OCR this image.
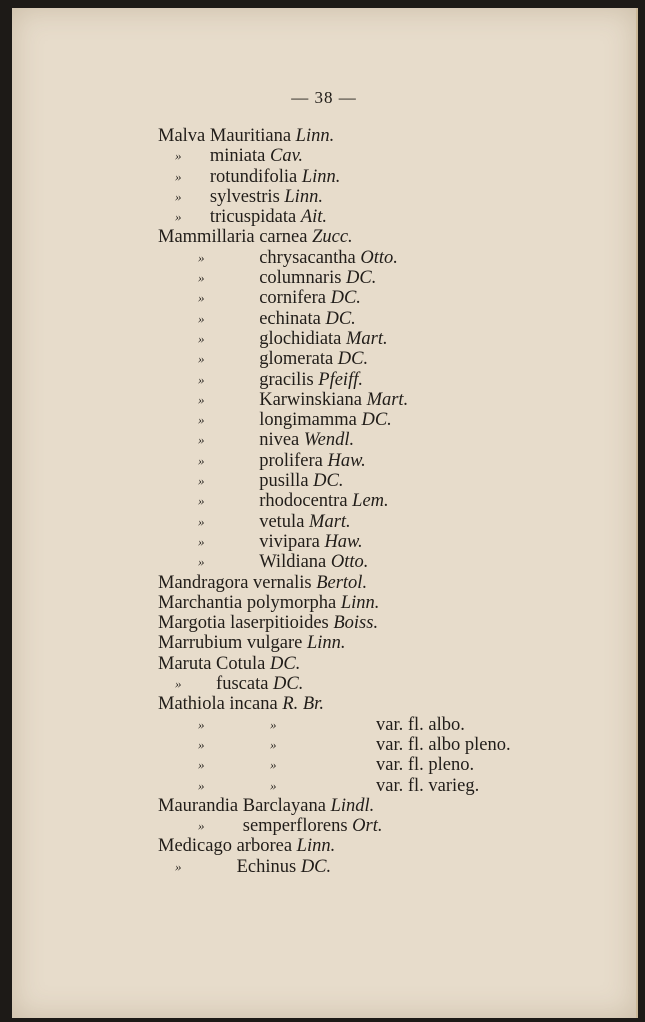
— 38 —
Malva Mauritiana Linn.
» miniata Cav.
» rotundifolia Linn.
» sylvestris Linn.
» tricuspidata Ait.
Mammillaria carnea Zucc.
»	chrysacantha Otto.
»	columnaris DC.
»	cornifera DC.
»	echinata DC.
»	glochidiata Mart.
»	glomerata DC.
»	gracilis Pfeiff.
»	Karwinskiana Mart.
»	longimamma DC.
»	nivea Wendl.
»	prolifera Haw.
»	pusilla DC.
»	rhodocentra Lem.
»	vetula Mart.
»	vivipara Haw.
»	Wildiana Otto.
Mandragora vernalis Bertol.
Marchantia polymorpha Linn.
Margotia laserpitioides Boiss.
Marrubium vulgare Linn.
Maruta Cotula DC.
» fuscata DC.
Mathiola incana R. Br.
»	»	var. fl. albo.
»	»	var. fl. albo pleno.
»	»	var. fl. pleno.
»	»	var. fl. varieg.
Maurandia Barclayana Lindl.
» semperflorens Ort.
Medicago arborea Linn.
»	Echinus DC.
